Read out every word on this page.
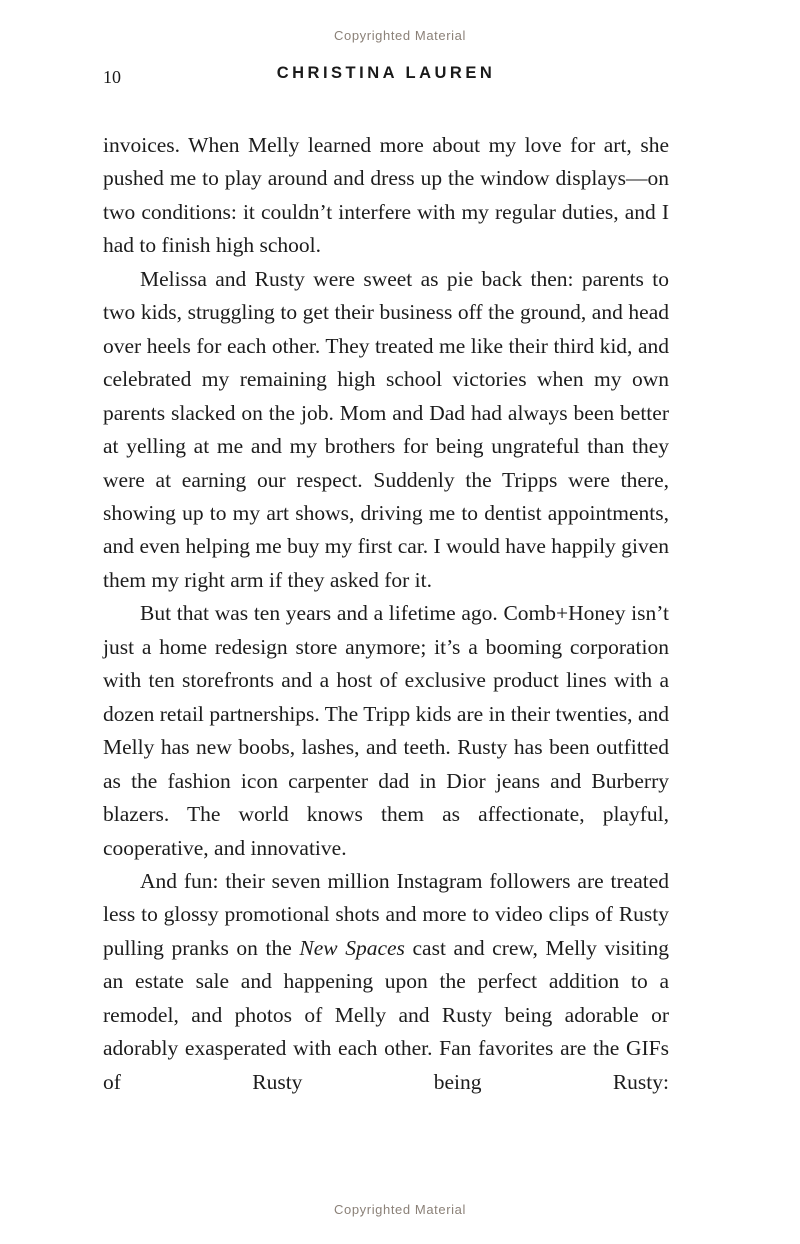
Copyrighted Material
10	CHRISTINA LAUREN

invoices. When Melly learned more about my love for art, she pushed me to play around and dress up the window displays—on two conditions: it couldn’t interfere with my regular duties, and I had to finish high school.

Melissa and Rusty were sweet as pie back then: parents to two kids, struggling to get their business off the ground, and head over heels for each other. They treated me like their third kid, and celebrated my remaining high school victories when my own parents slacked on the job. Mom and Dad had always been better at yelling at me and my brothers for being ungrateful than they were at earning our respect. Suddenly the Tripps were there, showing up to my art shows, driving me to dentist appointments, and even helping me buy my first car. I would have happily given them my right arm if they asked for it.

But that was ten years and a lifetime ago. Comb+Honey isn’t just a home redesign store anymore; it’s a booming corporation with ten storefronts and a host of exclusive product lines with a dozen retail partnerships. The Tripp kids are in their twenties, and Melly has new boobs, lashes, and teeth. Rusty has been outfitted as the fashion icon carpenter dad in Dior jeans and Burberry blazers. The world knows them as affectionate, playful, cooperative, and innovative.

And fun: their seven million Instagram followers are treated less to glossy promotional shots and more to video clips of Rusty pulling pranks on the New Spaces cast and crew, Melly visiting an estate sale and happening upon the perfect addition to a remodel, and photos of Melly and Rusty being adorable or adorably exasperated with each other. Fan favorites are the GIFs of Rusty being Rusty:

Copyrighted Material
